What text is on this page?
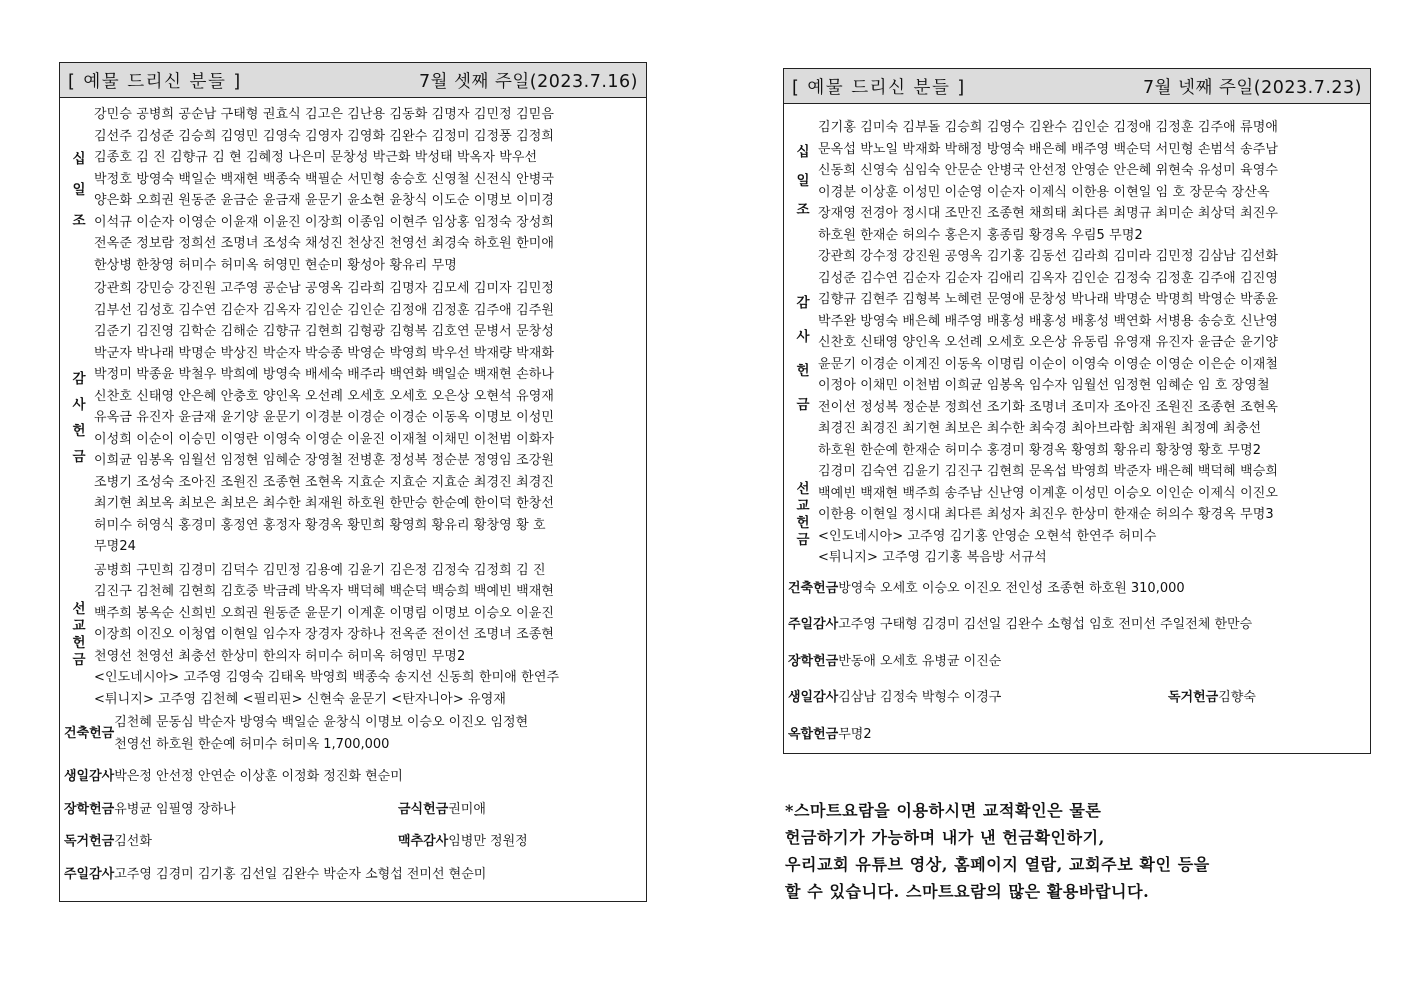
[ 예물 드리신 분들 ]	7월 셋째 주일(2023.7.16)
십
일
조
강민승 공병희 공순남 구태형 권효식 김고은 김난용 김동화 김명자 김민정 김믿음
김선주 김성준 김승희 김영민 김영숙 김영자 김영화 김완수 김정미 김정풍 김정희
김종호 김 진 김향규 김 현 김혜정 나은미 문창성 박근화 박성태 박옥자 박우선
박정호 방영숙 백일순 백재현 백종숙 백필순 서민형 송승호 신영철 신전식 안병국
양은화 오희권 원동준 윤금순 윤금재 윤문기 윤소현 윤창식 이도순 이명보 이미경
이석규 이순자 이영순 이윤재 이윤진 이장희 이종임 이현주 임상홍 임정숙 장성희
전옥준 정보람 정희선 조명녀 조성숙 채성진 천상진 천영선 최경숙 하호원 한미애
한상병 한창영 허미수 허미옥 허영민 현순미 황성아 황유리 무명
감
사
헌
금
강관희 강민승 강진원 고주영 공순남 공영옥 김라희 김명자 김모세 김미자 김민정
김부선 김성호 김수연 김순자 김옥자 김인순 김인순 김정애 김정훈 김주애 김주원
김준기 김진영 김학순 김해순 김향규 김현희 김형광 김형복 김호연 문병서 문창성
박군자 박나래 박명순 박상진 박순자 박승종 박영순 박영희 박우선 박재량 박재화
박정미 박종윤 박철우 박희예 방영숙 배세숙 배주라 백연화 백일순 백재현 손하나
신찬호 신태영 안은혜 안충호 양인옥 오선례 오세호 오세호 오은상 오현석 유영재
유옥금 유진자 윤금재 윤기양 윤문기 이경분 이경순 이경순 이동옥 이명보 이성민
이성희 이순이 이승민 이영란 이영숙 이영순 이윤진 이재철 이채민 이천범 이화자
이희균 임봉옥 임월선 임정현 임혜순 장영철 전병훈 정성복 정순분 정영임 조강원
조병기 조성숙 조아진 조원진 조종현 조현옥 지효순 지효순 지효순 최경진 최경진
최기현 최보옥 최보은 최보은 최수한 최재원 하호원 한만승 한순예 한이덕 한창선
허미수 허영식 홍경미 홍정연 홍정자 황경옥 황민희 황영희 황유리 황창영 황 호
무명24
선
교
헌
금
공병희 구민희 김경미 김덕수 김민정 김용예 김윤기 김은정 김정숙 김정희 김 진
김진구 김천혜 김현희 김호중 박금례 박옥자 백덕혜 백순덕 백승희 백예빈 백재현
백주희 봉옥순 신희빈 오희권 원동준 윤문기 이계훈 이명림 이명보 이승오 이윤진
이장희 이진오 이청엽 이현일 임수자 장경자 장하나 전옥준 전이선 조명녀 조종현
천영선 천영선 최충선 한상미 한의자 허미수 허미옥 허영민 무명2
<인도네시아> 고주영 김영숙 김태옥 박영희 백종숙 송지선 신동희 한미애 한연주
<튀니지> 고주영 김천혜 <필리핀> 신현숙 윤문기 <탄자니아> 유영재
건축헌금
김천혜 문동심 박순자 방영숙 백일순 윤창식 이명보 이승오 이진오 임정현
천영선 하호원 한순예 허미수 허미옥 1,700,000
생일감사 박은정 안선정 안연순 이상훈 이정화 정진화 현순미
장학헌금 유병균 임필영 장하나	금식헌금 권미애
독거헌금 김선화	맥추감사 임병만 정원정
주일감사 고주영 김경미 김기홍 김선일 김완수 박순자 소형섭 전미선 현순미
[ 예물 드리신 분들 ]	7월 넷째 주일(2023.7.23)
십
일
조
김기홍 김미숙 김부돌 김승희 김영수 김완수 김인순 김정애 김정훈 김주애 류명애
문옥섭 박노일 박재화 박해정 방영숙 배은혜 배주영 백순덕 서민형 손범석 송주남
신동희 신영숙 심임숙 안문순 안병국 안선정 안영순 안은혜 위현숙 유성미 육영수
이경분 이상훈 이성민 이순영 이순자 이제식 이한용 이현일 임 호 장문숙 장산옥
장재영 전경아 정시대 조만진 조종현 채희태 최다른 최명규 최미순 최상덕 최진우
하호원 한재순 허의수 홍은지 홍종림 황경옥 우림5 무명2
감
사
헌
금
강관희 강수정 강진원 공영옥 김기홍 김동선 김라희 김미라 김민정 김삼남 김선화
김성준 김수연 김순자 김순자 김애리 김옥자 김인순 김정숙 김정훈 김주애 김진영
김향규 김현주 김형복 노혜련 문영애 문창성 박나래 박명순 박명희 박영순 박종윤
박주완 방영숙 배은혜 배주영 배홍성 배홍성 배홍성 백연화 서병용 송승호 신난영
신찬호 신태영 양인옥 오선례 오세호 오은상 유동림 유영재 유진자 윤금순 윤기양
윤문기 이경순 이계진 이동옥 이명림 이순이 이영숙 이영순 이영순 이은순 이재철
이정아 이채민 이천범 이희균 임봉옥 임수자 임월선 임정현 임혜순 임 호 장영철
전이선 정성복 정순분 정희선 조기화 조명녀 조미자 조아진 조원진 조종현 조현옥
최경진 최경진 최기현 최보은 최수한 최숙경 최아브라함 최재원 최정예 최충선
하호원 한순예 한재순 허미수 홍경미 황경옥 황영희 황유리 황창영 황호 무명2
선
교
헌
금
김경미 김숙연 김윤기 김진구 김현희 문옥섭 박영희 박준자 배은혜 백덕혜 백승희
백예빈 백재현 백주희 송주남 신난영 이계훈 이성민 이승오 이인순 이제식 이진오
이한용 이현일 정시대 최다른 최성자 최진우 한상미 한재순 허의수 황경옥 무명3
<인도네시아> 고주영 김기홍 안영순 오현석 한연주 허미수
<튀니지> 고주영 김기홍 복음방 서규석
건축헌금 방영숙 오세호 이승오 이진오 전인성 조종현 하호원 310,000
주일감사 고주영 구태형 김경미 김선일 김완수 소형섭 임호 전미선 주일전체 한만승
장학헌금 반동애 오세호 유병균 이진순
생일감사 김삼남 김정숙 박형수 이경구	독거헌금 김향숙
옥합헌금 무명2
*스마트요람을 이용하시면 교적확인은 물론
헌금하기가 가능하며 내가 낸 헌금확인하기,
우리교회 유튜브 영상, 홈페이지 열람, 교회주보 확인 등을
할 수 있습니다. 스마트요람의 많은 활용바랍니다.
